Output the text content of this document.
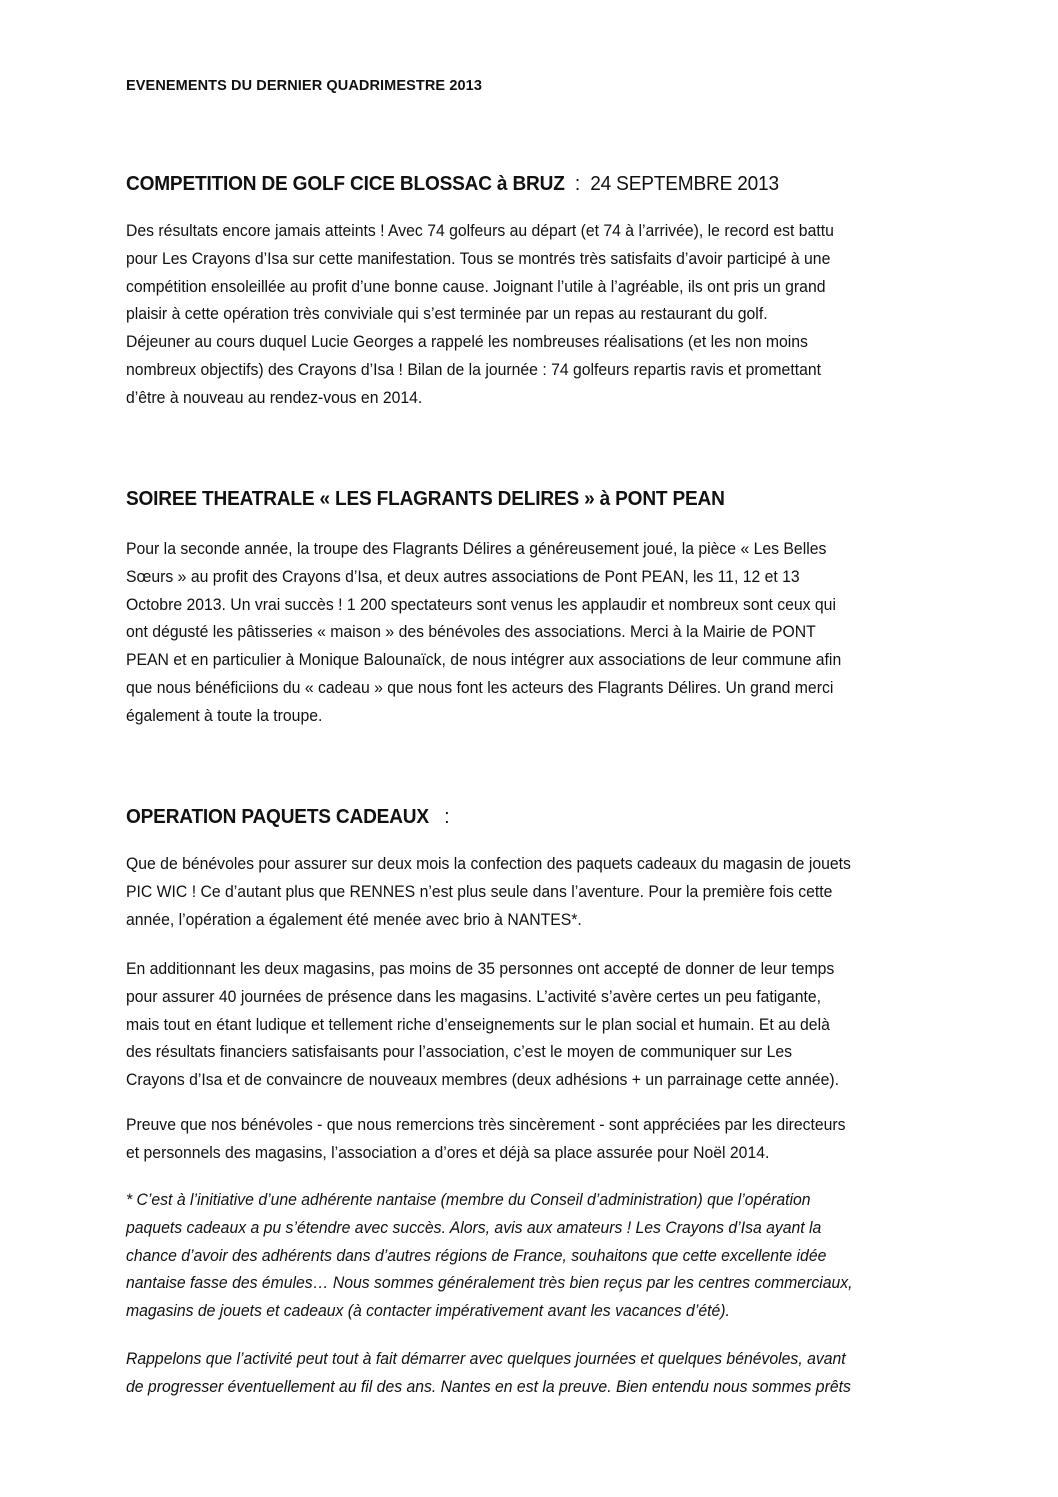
EVENEMENTS DU DERNIER QUADRIMESTRE 2013
COMPETITION DE GOLF CICE BLOSSAC à BRUZ  :  24 SEPTEMBRE 2013

Des résultats encore jamais atteints ! Avec 74 golfeurs au départ (et 74 à l’arrivée), le record est battu
pour Les Crayons d’Isa sur cette manifestation. Tous se montrés très satisfaits d’avoir participé à une
compétition ensoleillée au profit d’une bonne cause. Joignant l’utile à l’agréable, ils ont pris un grand
plaisir à cette opération très conviviale qui s’est terminée par un repas au restaurant du golf.
Déjeuner au cours duquel Lucie Georges a rappelé les nombreuses réalisations (et les non moins
nombreux objectifs) des Crayons d’Isa ! Bilan de la journée : 74 golfeurs repartis ravis et promettant
d’être à nouveau au rendez-vous en 2014.

SOIREE THEATRALE « LES FLAGRANTS DELIRES » à PONT PEAN

Pour la seconde année, la troupe des Flagrants Délires a généreusement joué, la pièce « Les Belles
Sœurs » au profit des Crayons d’Isa, et deux autres associations de Pont PEAN, les 11, 12 et 13
Octobre 2013. Un vrai succès ! 1 200 spectateurs sont venus les applaudir et nombreux sont ceux qui
ont dégusté les pâtisseries « maison » des bénévoles des associations. Merci à la Mairie de PONT
PEAN et en particulier à Monique Balounaïck, de nous intégrer aux associations de leur commune afin
que nous bénéficiions du « cadeau » que nous font les acteurs des Flagrants Délires. Un grand merci
également à toute la troupe.

OPERATION PAQUETS CADEAUX   :

Que de bénévoles pour assurer sur deux mois la confection des paquets cadeaux du magasin de jouets
PIC WIC ! Ce d’autant plus que RENNES n’est plus seule dans l’aventure. Pour la première fois cette
année, l’opération a également été menée avec brio à NANTES*.

En additionnant les deux magasins, pas moins de 35 personnes ont accepté de donner de leur temps
pour assurer 40 journées de présence dans les magasins. L’activité s’avère certes un peu fatigante,
mais tout en étant ludique et tellement riche d’enseignements sur le plan social et humain. Et au delà
des résultats financiers satisfaisants pour l’association, c’est le moyen de communiquer sur Les
Crayons d’Isa et de convaincre de nouveaux membres (deux adhésions + un parrainage cette année).

Preuve que nos bénévoles - que nous remercions très sincèrement - sont appréciées par les directeurs
et personnels des magasins, l’association a d’ores et déjà sa place assurée pour Noël 2014.

* C’est à l’initiative d’une adhérente nantaise (membre du Conseil d’administration) que l’opération
paquets cadeaux a pu s’étendre avec succès. Alors, avis aux amateurs ! Les Crayons d’Isa ayant la
chance d’avoir des adhérents dans d’autres régions de France, souhaitons que cette excellente idée
nantaise fasse des émules… Nous sommes généralement très bien reçus par les centres commerciaux,
magasins de jouets et cadeaux (à contacter impérativement avant les vacances d’été).

Rappelons que l’activité peut tout à fait démarrer avec quelques journées et quelques bénévoles, avant
de progresser éventuellement au fil des ans. Nantes en est la preuve. Bien entendu nous sommes prêts
